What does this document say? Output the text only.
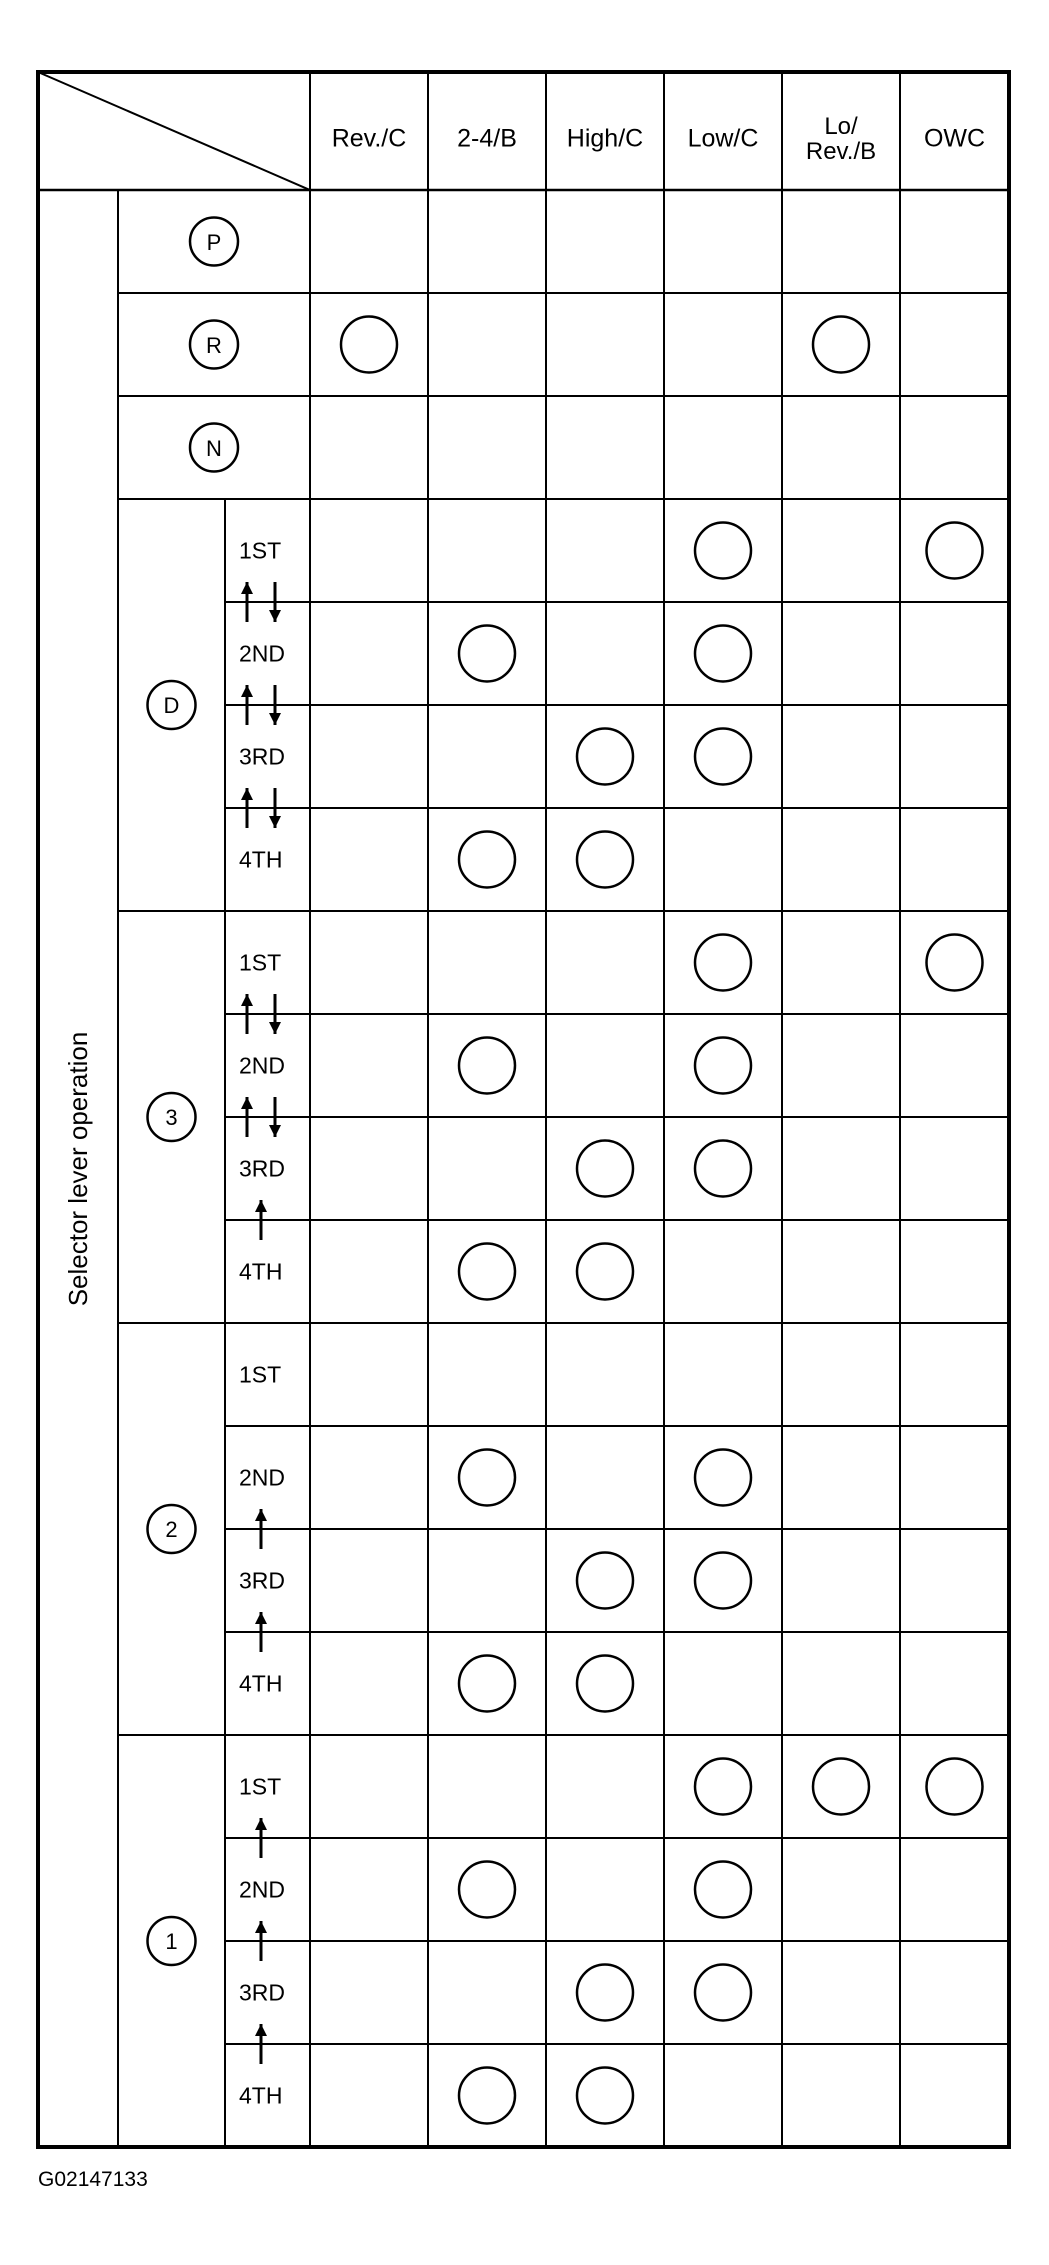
Rev./C 2-4/B High/C Low/C	Lo/
Rev./B OWC
Selector lever operation
P
R
N
D
3
2
1
1ST
2ND
3RD
4TH
1ST
2ND
3RD
4TH
1ST
2ND
3RD
4TH
1ST
2ND
3RD
4TH
G02147133
